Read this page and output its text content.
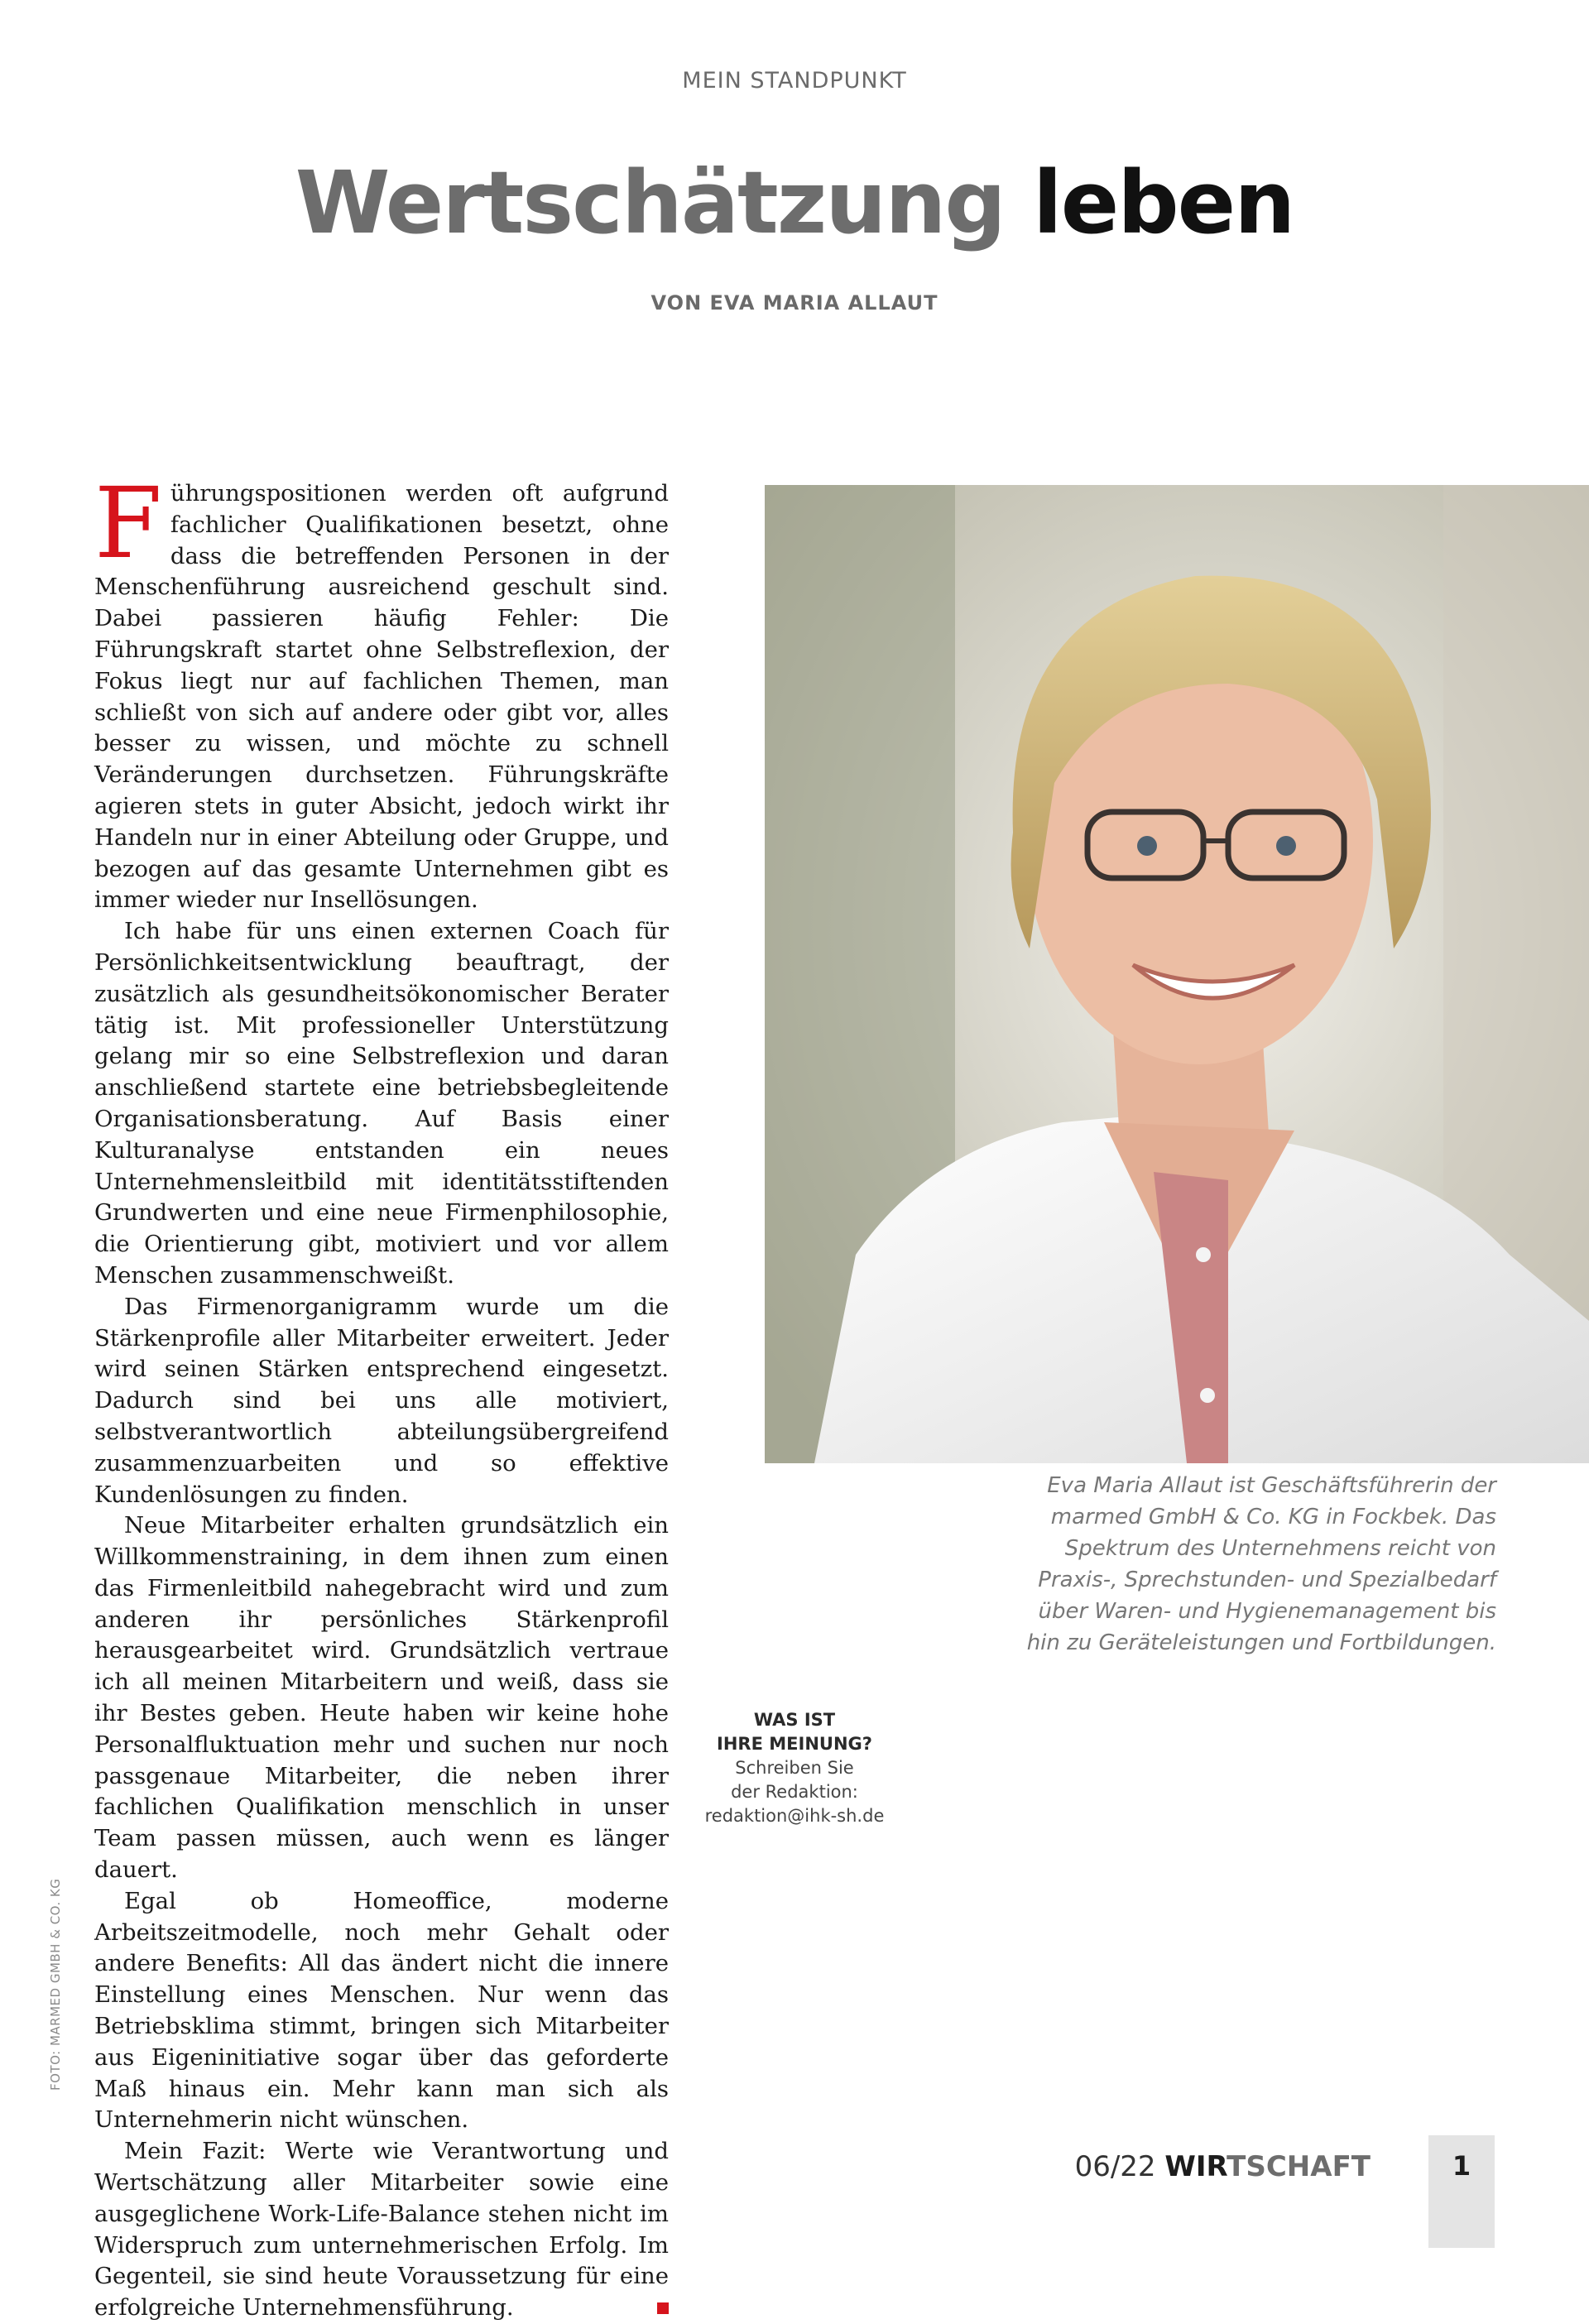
MEIN STANDPUNKT
Wertschätzung leben
VON EVA MARIA ALLAUT

Führungspositionen werden oft aufgrund fachlicher Qualifikationen besetzt, ohne dass die betreffenden Personen in der Menschenführung ausreichend geschult sind. Dabei passieren häufig Fehler: Die Führungskraft startet ohne Selbstreflexion, der Fokus liegt nur auf fachlichen Themen, man schließt von sich auf andere oder gibt vor, alles besser zu wissen, und möchte zu schnell Veränderungen durchsetzen. Führungskräfte agieren stets in guter Absicht, jedoch wirkt ihr Handeln nur in einer Abteilung oder Gruppe, und bezogen auf das gesamte Unternehmen gibt es immer wieder nur Insellösungen.

Ich habe für uns einen externen Coach für Persönlichkeitsentwicklung beauftragt, der zusätzlich als gesundheitsökonomischer Berater tätig ist. Mit professioneller Unterstützung gelang mir so eine Selbstreflexion und daran anschließend startete eine betriebsbegleitende Organisationsberatung. Auf Basis einer Kulturanalyse entstanden ein neues Unternehmensleitbild mit identitätsstiftenden Grundwerten und eine neue Firmenphilosophie, die Orientierung gibt, motiviert und vor allem Menschen zusammenschweißt.

Das Firmenorganigramm wurde um die Stärkenprofile aller Mitarbeiter erweitert. Jeder wird seinen Stärken entsprechend eingesetzt. Dadurch sind bei uns alle motiviert, selbstverantwortlich abteilungsübergreifend zusammenzuarbeiten und so effektive Kundenlösungen zu finden.

Neue Mitarbeiter erhalten grundsätzlich ein Willkommenstraining, in dem ihnen zum einen das Firmenleitbild nahegebracht wird und zum anderen ihr persönliches Stärkenprofil herausgearbeitet wird. Grundsätzlich vertraue ich all meinen Mitarbeitern und weiß, dass sie ihr Bestes geben. Heute haben wir keine hohe Personalfluktuation mehr und suchen nur noch passgenaue Mitarbeiter, die neben ihrer fachlichen Qualifikation menschlich in unser Team passen müssen, auch wenn es länger dauert.

Egal ob Homeoffice, moderne Arbeitszeitmodelle, noch mehr Gehalt oder andere Benefits: All das ändert nicht die innere Einstellung eines Menschen. Nur wenn das Betriebsklima stimmt, bringen sich Mitarbeiter aus Eigeninitiative sogar über das geforderte Maß hinaus ein. Mehr kann man sich als Unternehmerin nicht wünschen.

Mein Fazit: Werte wie Verantwortung und Wertschätzung aller Mitarbeiter sowie eine ausgeglichene Work-Life-Balance stehen nicht im Widerspruch zum unternehmerischen Erfolg. Im Gegenteil, sie sind heute Voraussetzung für eine erfolgreiche Unternehmensführung.

Eva Maria Allaut ist Geschäftsführerin der marmed GmbH & Co. KG in Fockbek. Das Spektrum des Unternehmens reicht von Praxis-, Sprechstunden- und Spezialbedarf über Waren- und Hygienemanagement bis hin zu Geräteleistungen und Fortbildungen.
WAS IST
IHRE MEINUNG?
Schreiben Sie
der Redaktion:
redaktion@ihk-sh.de
FOTO: MARMED GMBH & CO. KG
06/22 WIRTSCHAFT	1
